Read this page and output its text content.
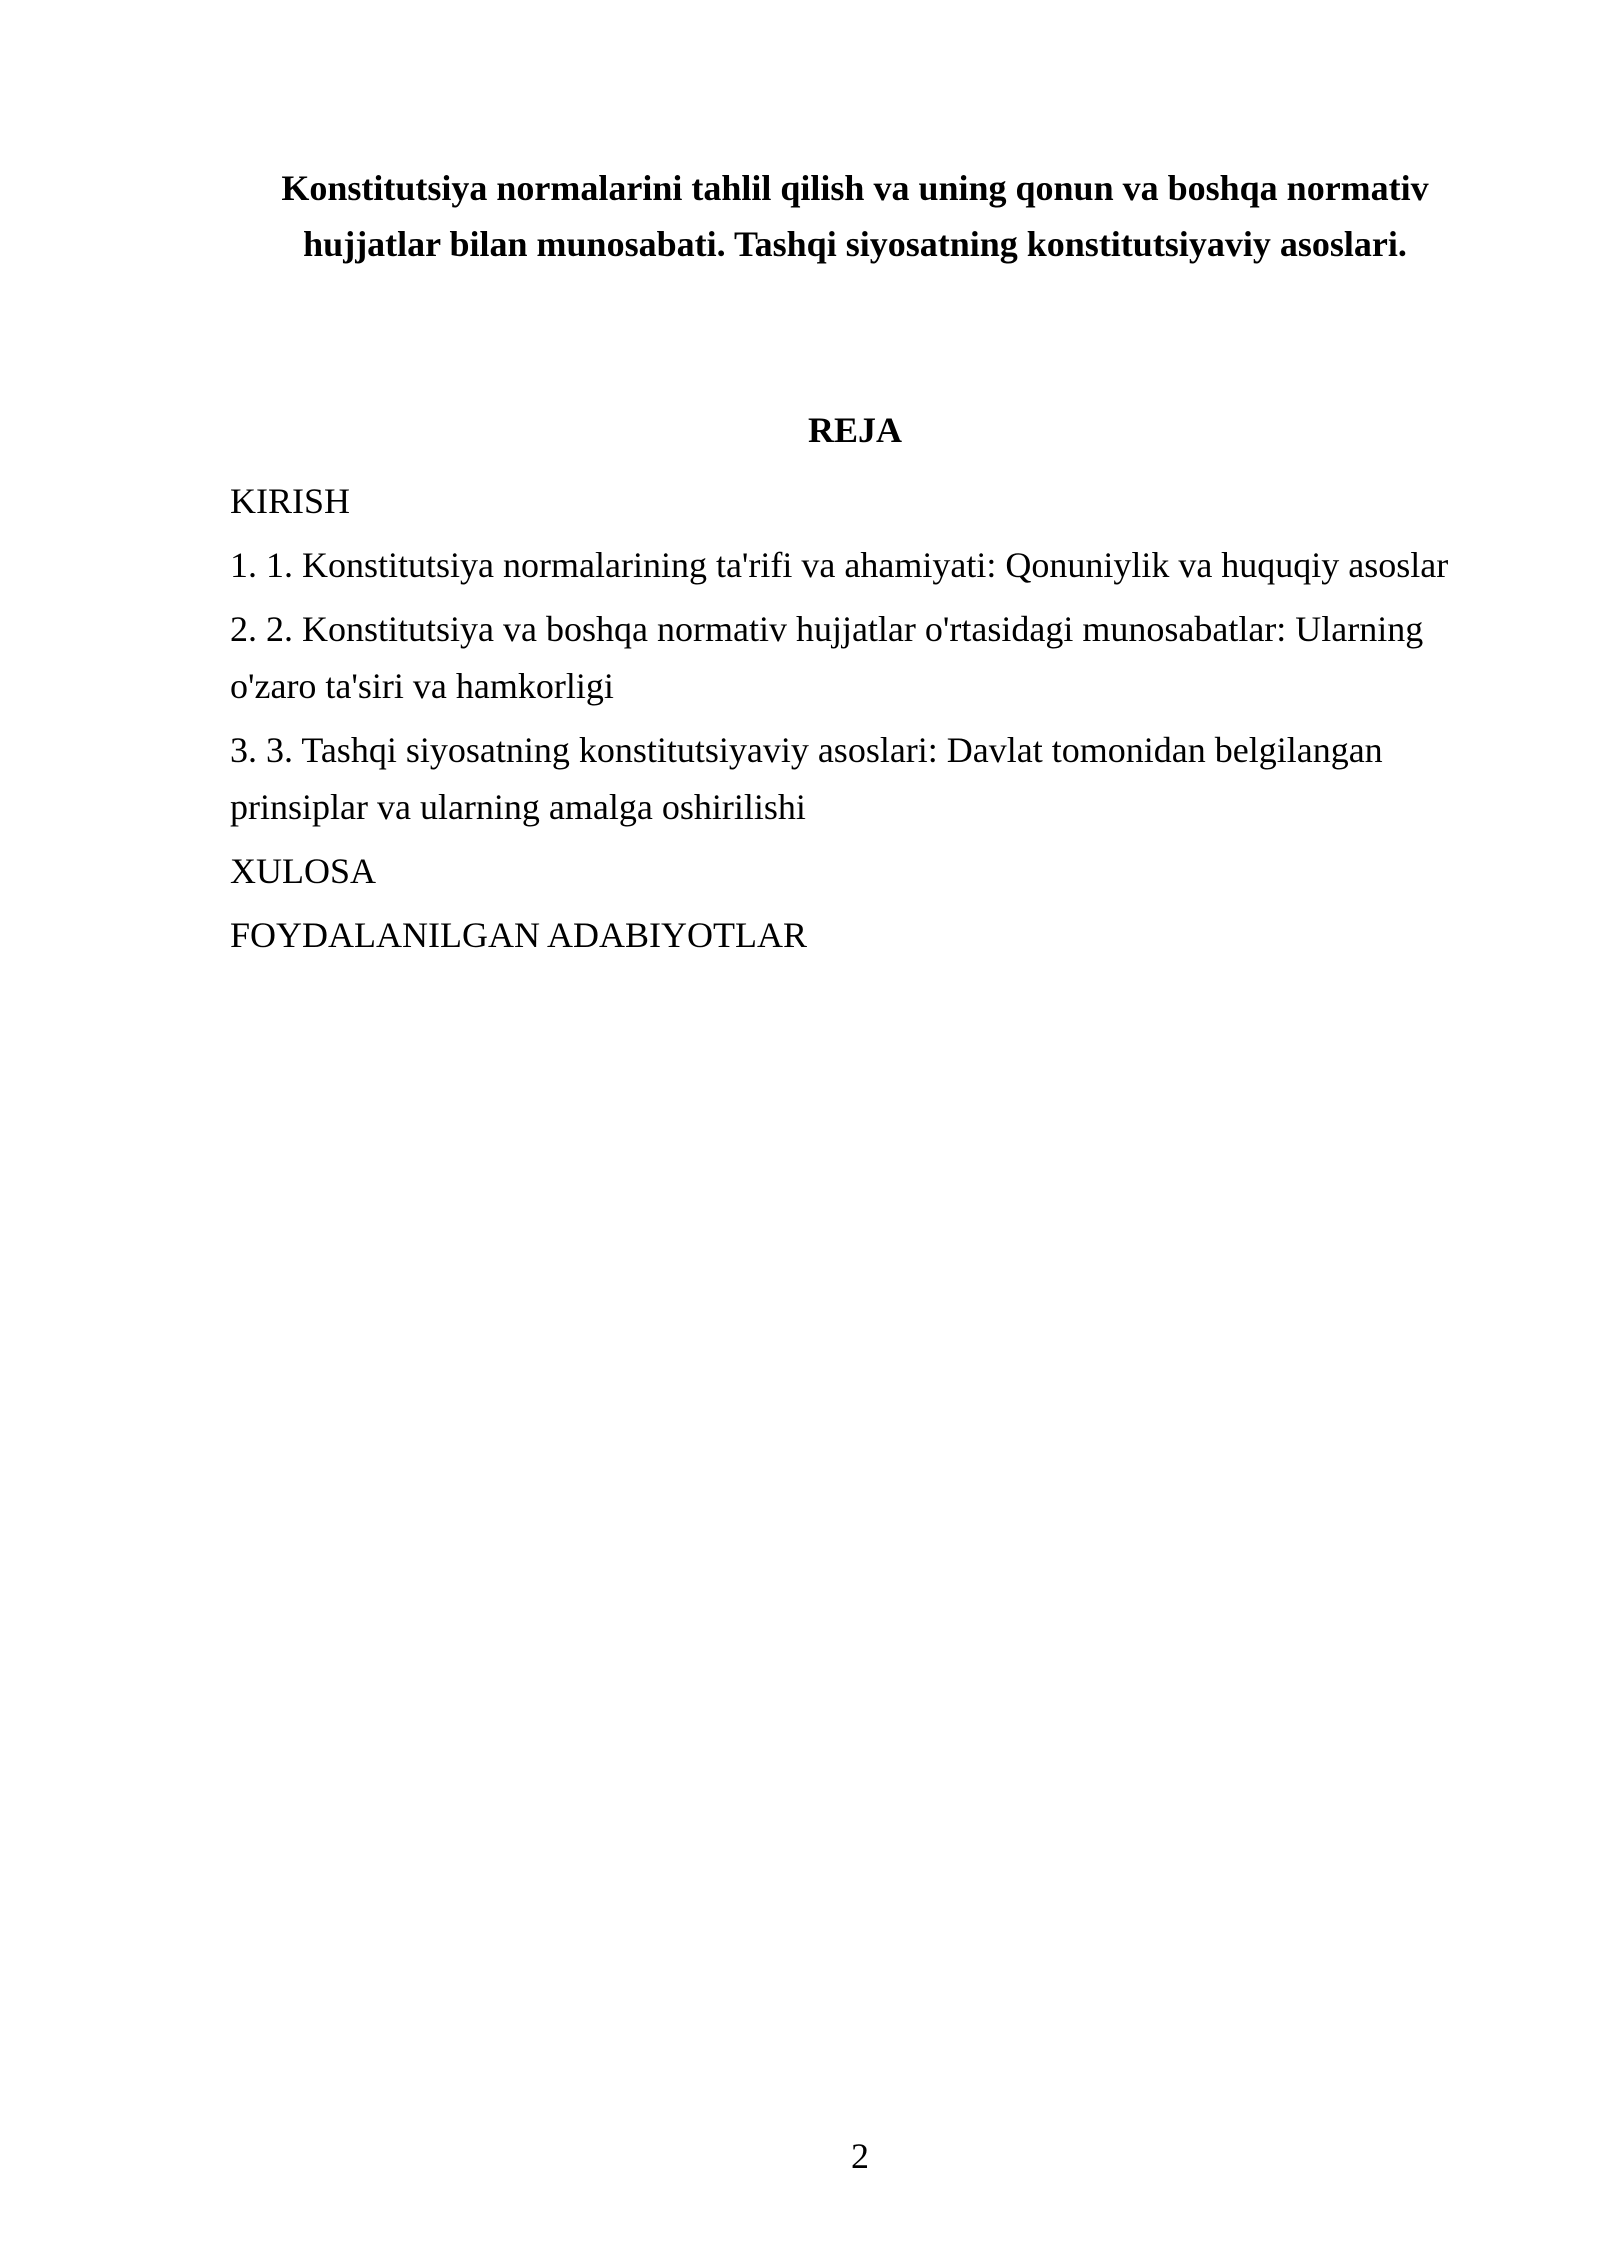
Konstitutsiya normalarini tahlil qilish va uning qonun va boshqa normativ hujjatlar bilan munosabati. Tashqi siyosatning konstitutsiyaviy asoslari.

REJA

KIRISH
1. 1. Konstitutsiya normalarining ta'rifi va ahamiyati: Qonuniylik va huquqiy asoslar
2. 2. Konstitutsiya va boshqa normativ hujjatlar o'rtasidagi munosabatlar: Ularning o'zaro ta'siri va hamkorligi
3. 3. Tashqi siyosatning konstitutsiyaviy asoslari: Davlat tomonidan belgilangan prinsiplar va ularning amalga oshirilishi
XULOSA
FOYDALANILGAN ADABIYOTLAR

2
